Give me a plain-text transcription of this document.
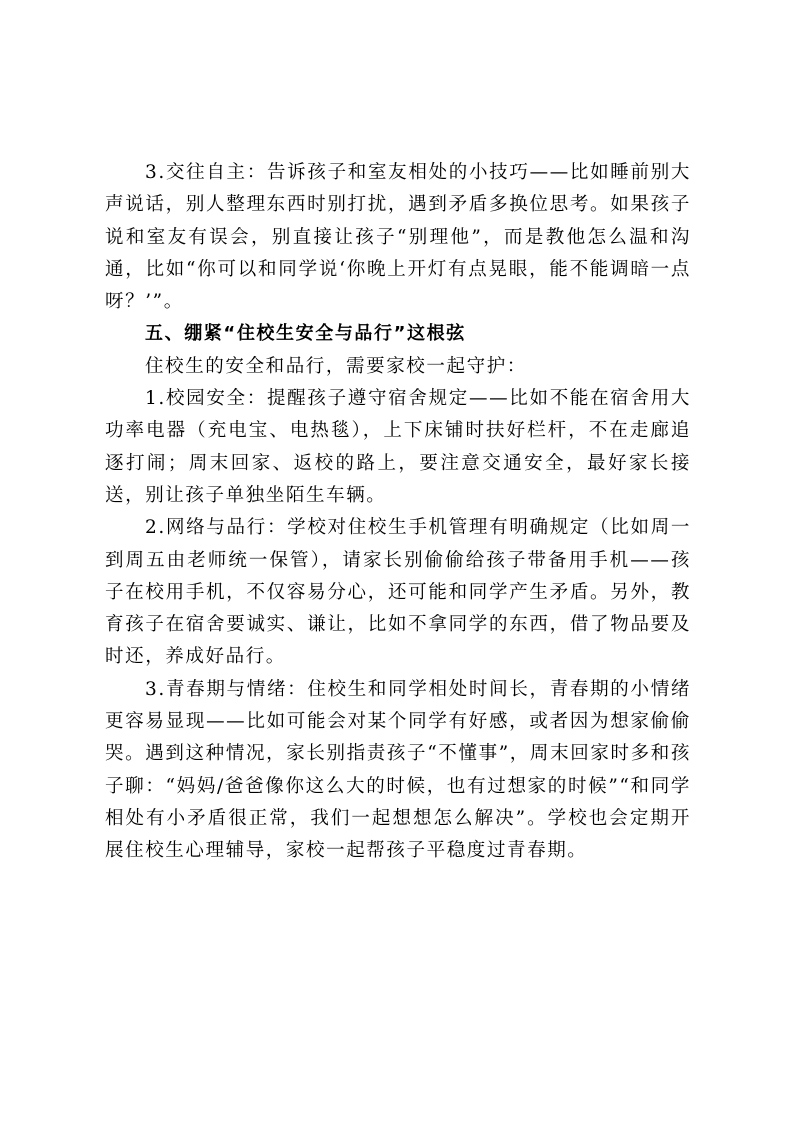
3.交往自主：告诉孩子和室友相处的小技巧——比如睡前别大声说话，别人整理东西时别打扰，遇到矛盾多换位思考。如果孩子说和室友有误会，别直接让孩子“别理他”，而是教他怎么温和沟通，比如“你可以和同学说‘你晚上开灯有点晃眼，能不能调暗一点呀？’”。

五、绷紧“住校生安全与品行”这根弦

住校生的安全和品行，需要家校一起守护：

1.校园安全：提醒孩子遵守宿舍规定——比如不能在宿舍用大功率电器（充电宝、电热毯），上下床铺时扶好栏杆，不在走廊追逐打闹；周末回家、返校的路上，要注意交通安全，最好家长接送，别让孩子单独坐陌生车辆。

2.网络与品行：学校对住校生手机管理有明确规定（比如周一到周五由老师统一保管），请家长别偷偷给孩子带备用手机——孩子在校用手机，不仅容易分心，还可能和同学产生矛盾。另外，教育孩子在宿舍要诚实、谦让，比如不拿同学的东西，借了物品要及时还，养成好品行。

3.青春期与情绪：住校生和同学相处时间长，青春期的小情绪更容易显现——比如可能会对某个同学有好感，或者因为想家偷偷哭。遇到这种情况，家长别指责孩子“不懂事”，周末回家时多和孩子聊：“妈妈/爸爸像你这么大的时候，也有过想家的时候”“和同学相处有小矛盾很正常，我们一起想想怎么解决”。学校也会定期开展住校生心理辅导，家校一起帮孩子平稳度过青春期。
